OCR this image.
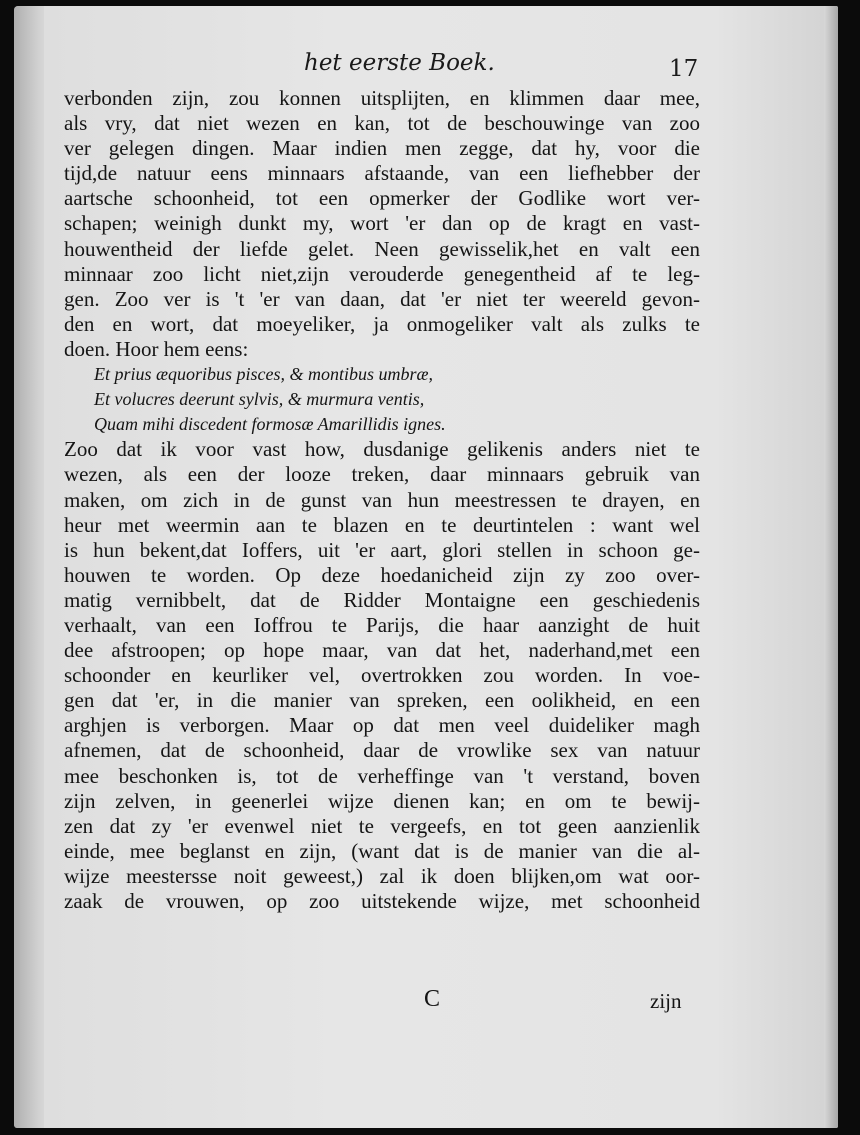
het eerste Boek.	17
verbonden zijn, zou konnen uitsplijten, en klimmen daar mee,
als vry, dat niet wezen en kan, tot de beschouwinge van zoo
ver gelegen dingen. Maar indien men zegge, dat hy, voor die
tijd,de natuur eens minnaars afstaande, van een liefhebber der
aartsche schoonheid, tot een opmerker der Godlike wort ver-
schapen; weinigh dunkt my, wort 'er dan op de kragt en vast-
houwentheid der liefde gelet. Neen gewisselik,het en valt een
minnaar zoo licht niet,zijn verouderde genegentheid af te leg-
gen. Zoo ver is 't 'er van daan, dat 'er niet ter weereld gevon-
den en wort, dat moeyeliker, ja onmogeliker valt als zulks te
doen. Hoor hem eens:
Et prius æquoribus pisces, & montibus umbræ,
Et volucres deerunt sylvis, & murmura ventis,
Quam mihi discedent formosæ Amarillidis ignes.
Zoo dat ik voor vast how, dusdanige gelikenis anders niet te
wezen, als een der looze treken, daar minnaars gebruik van
maken, om zich in de gunst van hun meestressen te drayen, en
heur met weermin aan te blazen en te deurtintelen : want wel
is hun bekent,dat Ioffers, uit 'er aart, glori stellen in schoon ge-
houwen te worden. Op deze hoedanicheid zijn zy zoo over-
matig vernibbelt, dat de Ridder Montaigne een geschiedenis
verhaalt, van een Ioffrou te Parijs, die haar aanzight de huit
dee afstroopen; op hope maar, van dat het, naderhand,met een
schoonder en keurliker vel, overtrokken zou worden. In voe-
gen dat 'er, in die manier van spreken, een oolikheid, en een
arghjen is verborgen. Maar op dat men veel duideliker magh
afnemen, dat de schoonheid, daar de vrowlike sex van natuur
mee beschonken is, tot de verheffinge van 't verstand, boven
zijn zelven, in geenerlei wijze dienen kan; en om te bewij-
zen dat zy 'er evenwel niet te vergeefs, en tot geen aanzienlik
einde, mee beglanst en zijn, (want dat is de manier van die al-
wijze meestersse noit geweest,) zal ik doen blijken,om wat oor-
zaak de vrouwen, op zoo uitstekende wijze, met schoonheid
C	zijn
